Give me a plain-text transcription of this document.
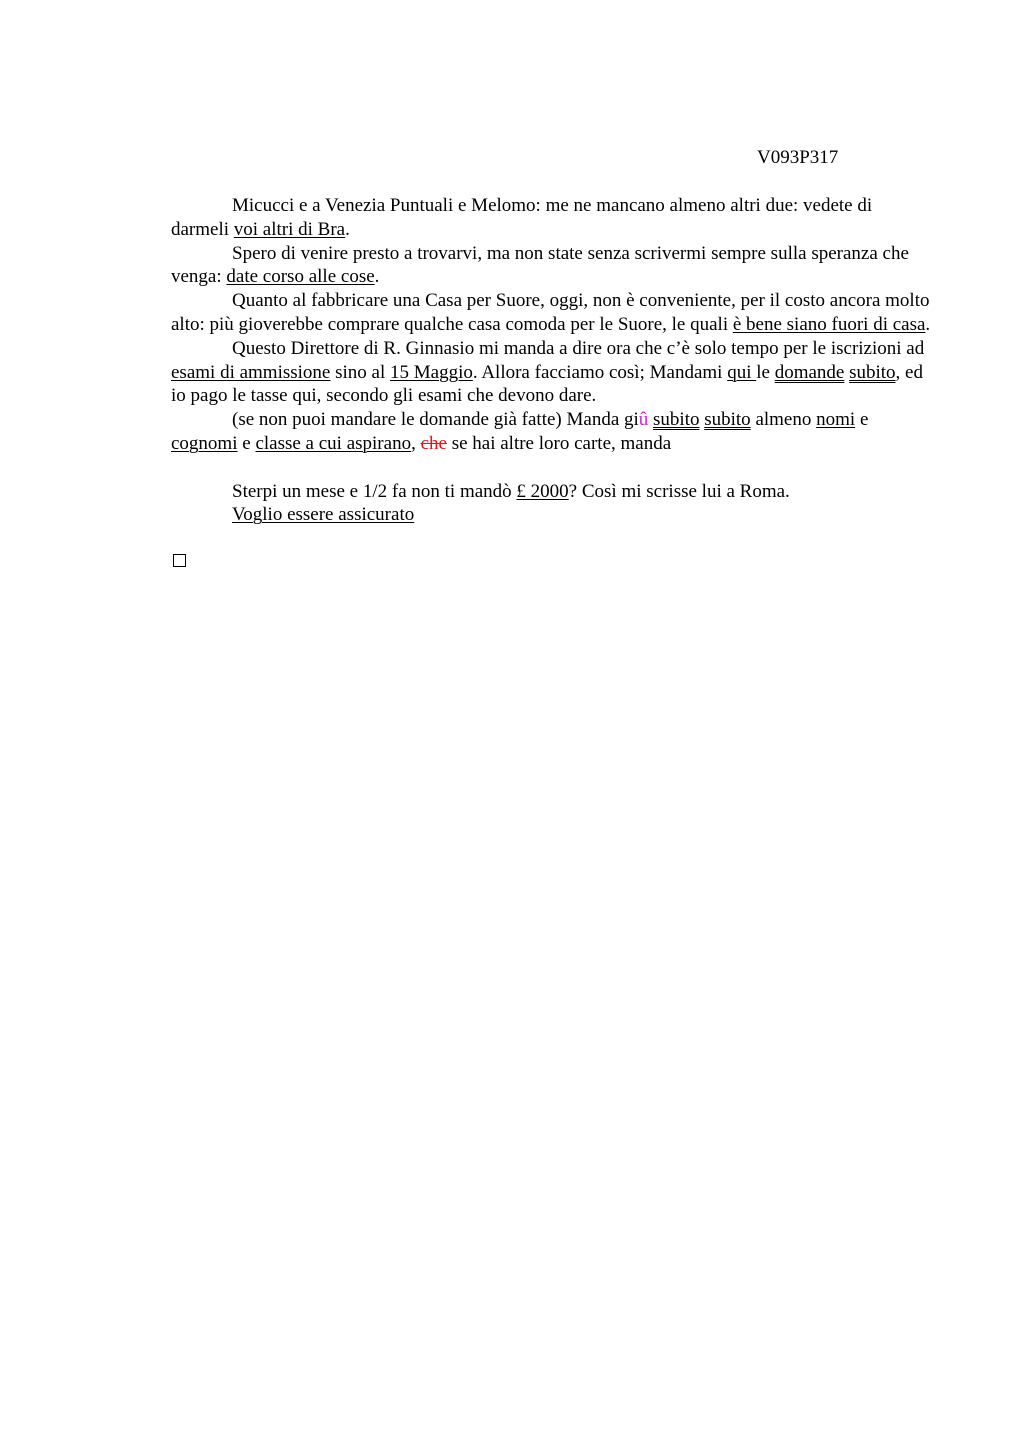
V093P317

Micucci e a Venezia Puntuali e Melomo: me ne mancano almeno altri due: vedete di darmeli voi altri di Bra.

Spero di venire presto a trovarvi, ma non state senza scrivermi sempre sulla speranza che venga: date corso alle cose.

Quanto al fabbricare una Casa per Suore, oggi, non è conveniente, per il costo ancora molto alto: più gioverebbe comprare qualche casa comoda per le Suore, le quali è bene siano fuori di casa.

Questo Direttore di R. Ginnasio mi manda a dire ora che c’è solo tempo per le iscrizioni ad esami di ammissione sino al 15 Maggio. Allora facciamo così; Mandami qui le domande subito, ed io pago le tasse qui, secondo gli esami che devono dare.

(se non puoi mandare le domande già fatte) Manda giû subito subito almeno nomi e cognomi e classe a cui aspirano, che se hai altre loro carte, manda

Sterpi un mese e 1/2 fa non ti mandò £ 2000? Così mi scrisse lui a Roma.

Voglio essere assicurato
